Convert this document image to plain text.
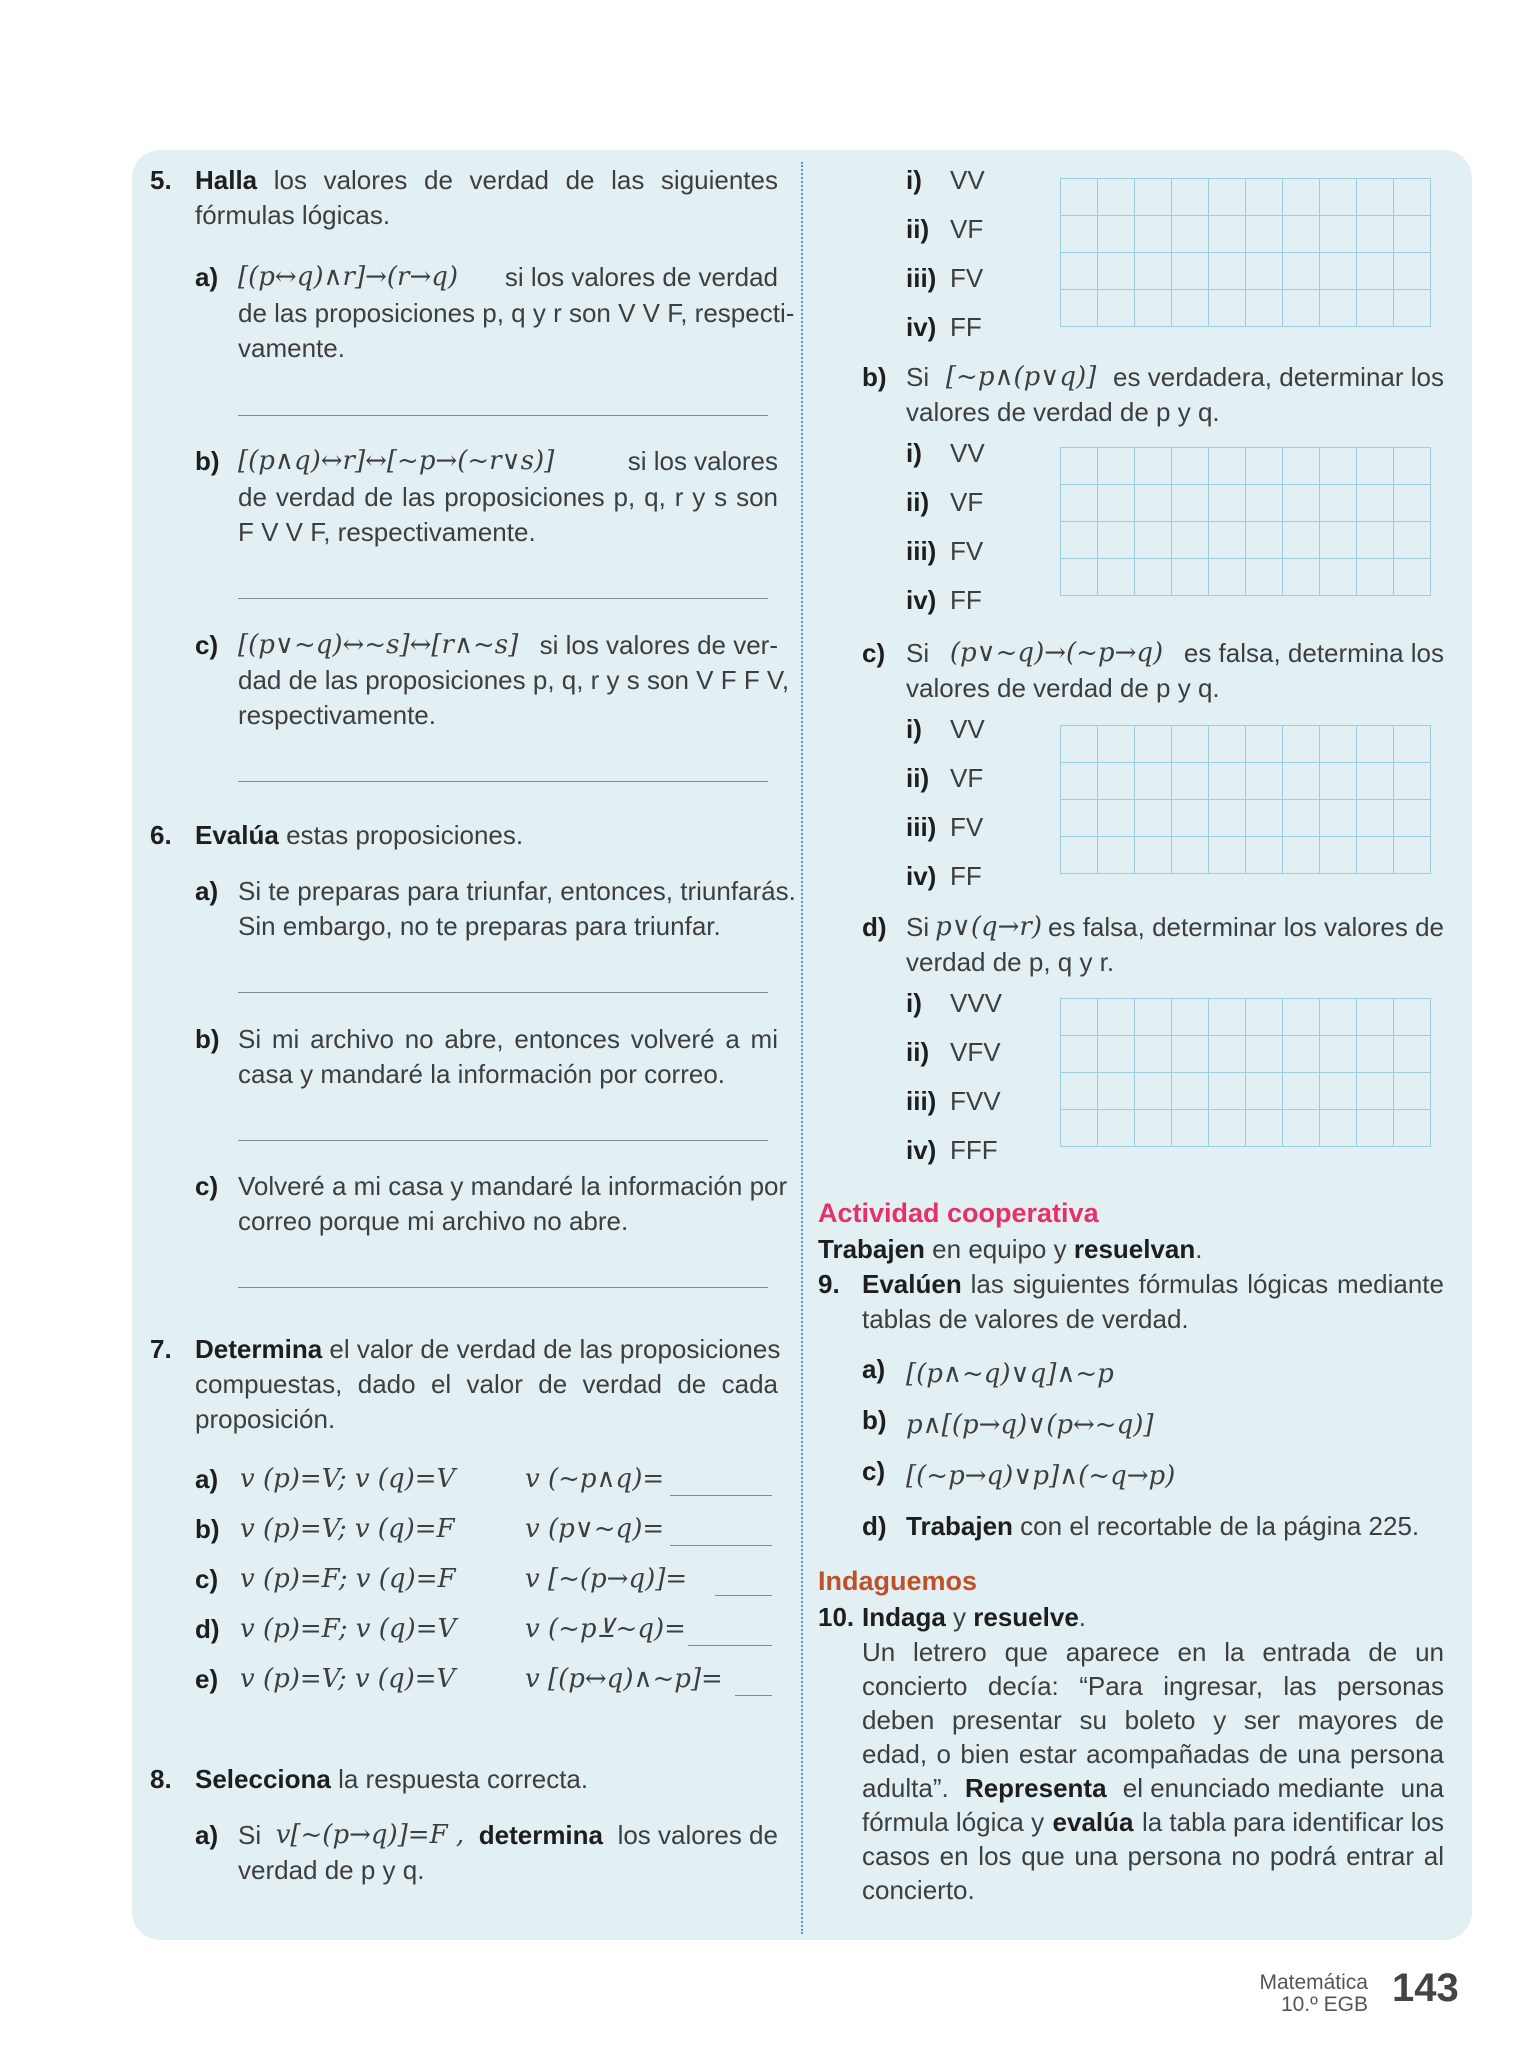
5. Halla los valores de verdad de las siguientes
fórmulas lógicas.
a) [(p↔q)∧r]→(r→q) si los valores de verdad
de las proposiciones p, q y r son V V F, respecti-
vamente.
b) [(p∧q)↔r]↔[~p→(~r∨s)]	si los valores
de verdad de las proposiciones p, q, r y s son
F V V F, respectivamente.
c) [(p∨~q)↔~s]↔[r∧~s] si los valores de ver-
dad de las proposiciones p, q, r y s son V F F V,
respectivamente.
6. Evalúa estas proposiciones.
a) Si te preparas para triunfar, entonces, triunfarás.
Sin embargo, no te preparas para triunfar.
b) Si mi archivo no abre, entonces volveré a mi
casa y mandaré la información por correo.
c) Volveré a mi casa y mandaré la información por
correo porque mi archivo no abre.
7. Determina el valor de verdad de las proposiciones
compuestas, dado el valor de verdad de cada
proposición.
a) v (p)=V; v (q)=V	v (~p∧q)=
b) v (p)=V; v (q)=F	v (p∨~q)=
c) v (p)=F; v (q)=F	v [~(p→q)]=
d) v (p)=F; v (q)=V	v (~p⊻~q)=
e) v (p)=V; v (q)=V	v [(p↔q)∧~p]=
8. Selecciona la respuesta correcta.
a) Si v[~(p→q)]=F , determina los valores de
verdad de p y q.
i) VV
ii) VF
iii) FV
iv) FF
b) Si [~p∧(p∨q)] es verdadera, determinar los
valores de verdad de p y q.
i) VV
ii) VF
iii) FV
iv) FF
c) Si (p∨~q)→(~p→q) es falsa, determina los
valores de verdad de p y q.
i) VV
ii) VF
iii) FV
iv) FF
d) Si p∨(q→r) es falsa, determinar los valores de
verdad de p, q y r.
i) VVV
ii) VFV
iii) FVV
iv) FFF
Actividad cooperativa
Trabajen en equipo y resuelvan.
9. Evalúen las siguientes fórmulas lógicas mediante
tablas de valores de verdad.
a) [(p∧~q)∨q]∧~p
b) p∧[(p→q)∨(p↔~q)]
c) [(~p→q)∨p]∧(~q→p)
d) Trabajen con el recortable de la página 225.
Indaguemos
10. Indaga y resuelve.
Un letrero que aparece en la entrada de un
concierto decía: “Para ingresar, las personas
deben presentar su boleto y ser mayores de
edad, o bien estar acompañadas de una persona
adulta”. Represent​a el enunciado mediante una
fórmula lógica y evalúa la tabla para identificar los
casos en los que una persona no podrá entrar al
concierto.
Matemática
10.º EGB 143
